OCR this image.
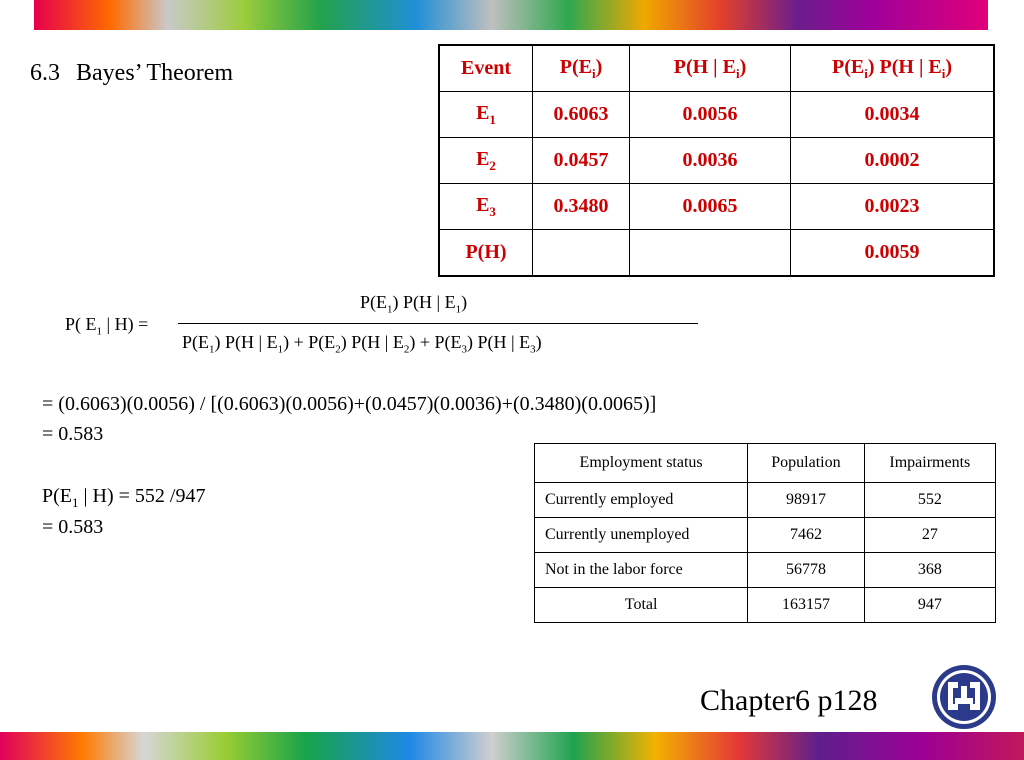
6.3 Bayes’ Theorem	Event	$P(E_i)$	P(H | $E_i$)	$P(E_i)$ P(H | $E_i$)
$E_1$	0.6063	0.0056	0.0034
$E_2$	0.0457	0.0036	0.0002
$E_3$	0.3480	0.0065	0.0023
P(H)			0.0059
P( $E_1$ | H) =
$P(E_1)$ P(H | $E_1$)
$P(E_1)$ P(H | $E_1) + P(E_2)$ P(H | $E_2) + P(E_3)$ P(H | $E_3$)
= (0.6063)(0.0056) / [(0.6063)(0.0056)+(0.0457)(0.0036)+(0.3480)(0.0065)]
= 0.583
$P(E_1$ | H) = 552 /947
= 0.583
Employment status	Population	Impairments
Currently employed	98917	552
Currently unemployed	7462	27
Not in the labor force	56778	368
Total	163157	947
Chapter6 p128
